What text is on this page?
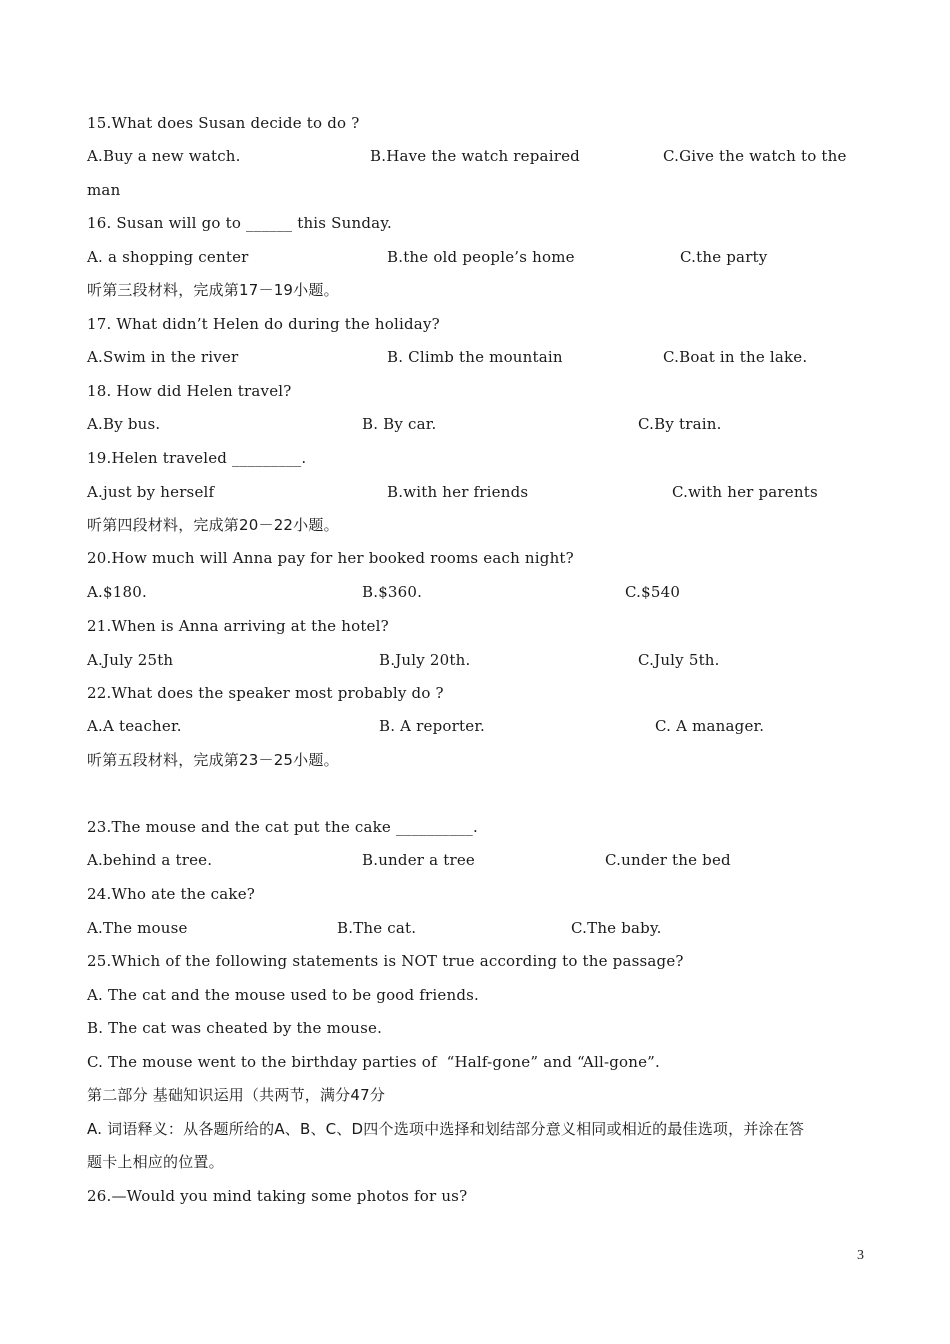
15.What does Susan decide to do ?
A.Buy a new watch.	B.Have the watch repaired	C.Give the watch to the
man
16. Susan will go to ______ this Sunday.
A. a shopping center	B.the old people’s home	C.the party
听第三段材料，完成第17－19小题。
17. What didn’t Helen do during the holiday?
A.Swim in the river	B. Climb the mountain	C.Boat in the lake.
18. How did Helen travel?
A.By bus.	B. By car.	C.By train.
19.Helen traveled _________.
A.just by herself	B.with her friends	C.with her parents
听第四段材料，完成第20－22小题。
20.How much will Anna pay for her booked rooms each night?
A.$180.	B.$360.	C.$540
21.When is Anna arriving at the hotel?
A.July 25th	B.July 20th.	C.July 5th.
22.What does the speaker most probably do ?
A.A teacher.	B. A reporter.	C. A manager.
听第五段材料，完成第23－25小题。
23.The mouse and the cat put the cake __________.
A.behind a tree.	B.under a tree	C.under the bed
24.Who ate the cake?
A.The mouse	B.The cat.	C.The baby.
25.Which of the following statements is NOT true according to the passage?
A. The cat and the mouse used to be good friends.
B. The cat was cheated by the mouse.
C. The mouse went to the birthday parties of  “Half-gone” and “All-gone”.
第二部分 基础知识运用（共两节，满分47分
A. 词语释义：从各题所给的A、B、C、D四个选项中选择和划结部分意义相同或相近的最佳选项，并涂在答
题卡上相应的位置。
26.—Would you mind taking some photos for us?
3
